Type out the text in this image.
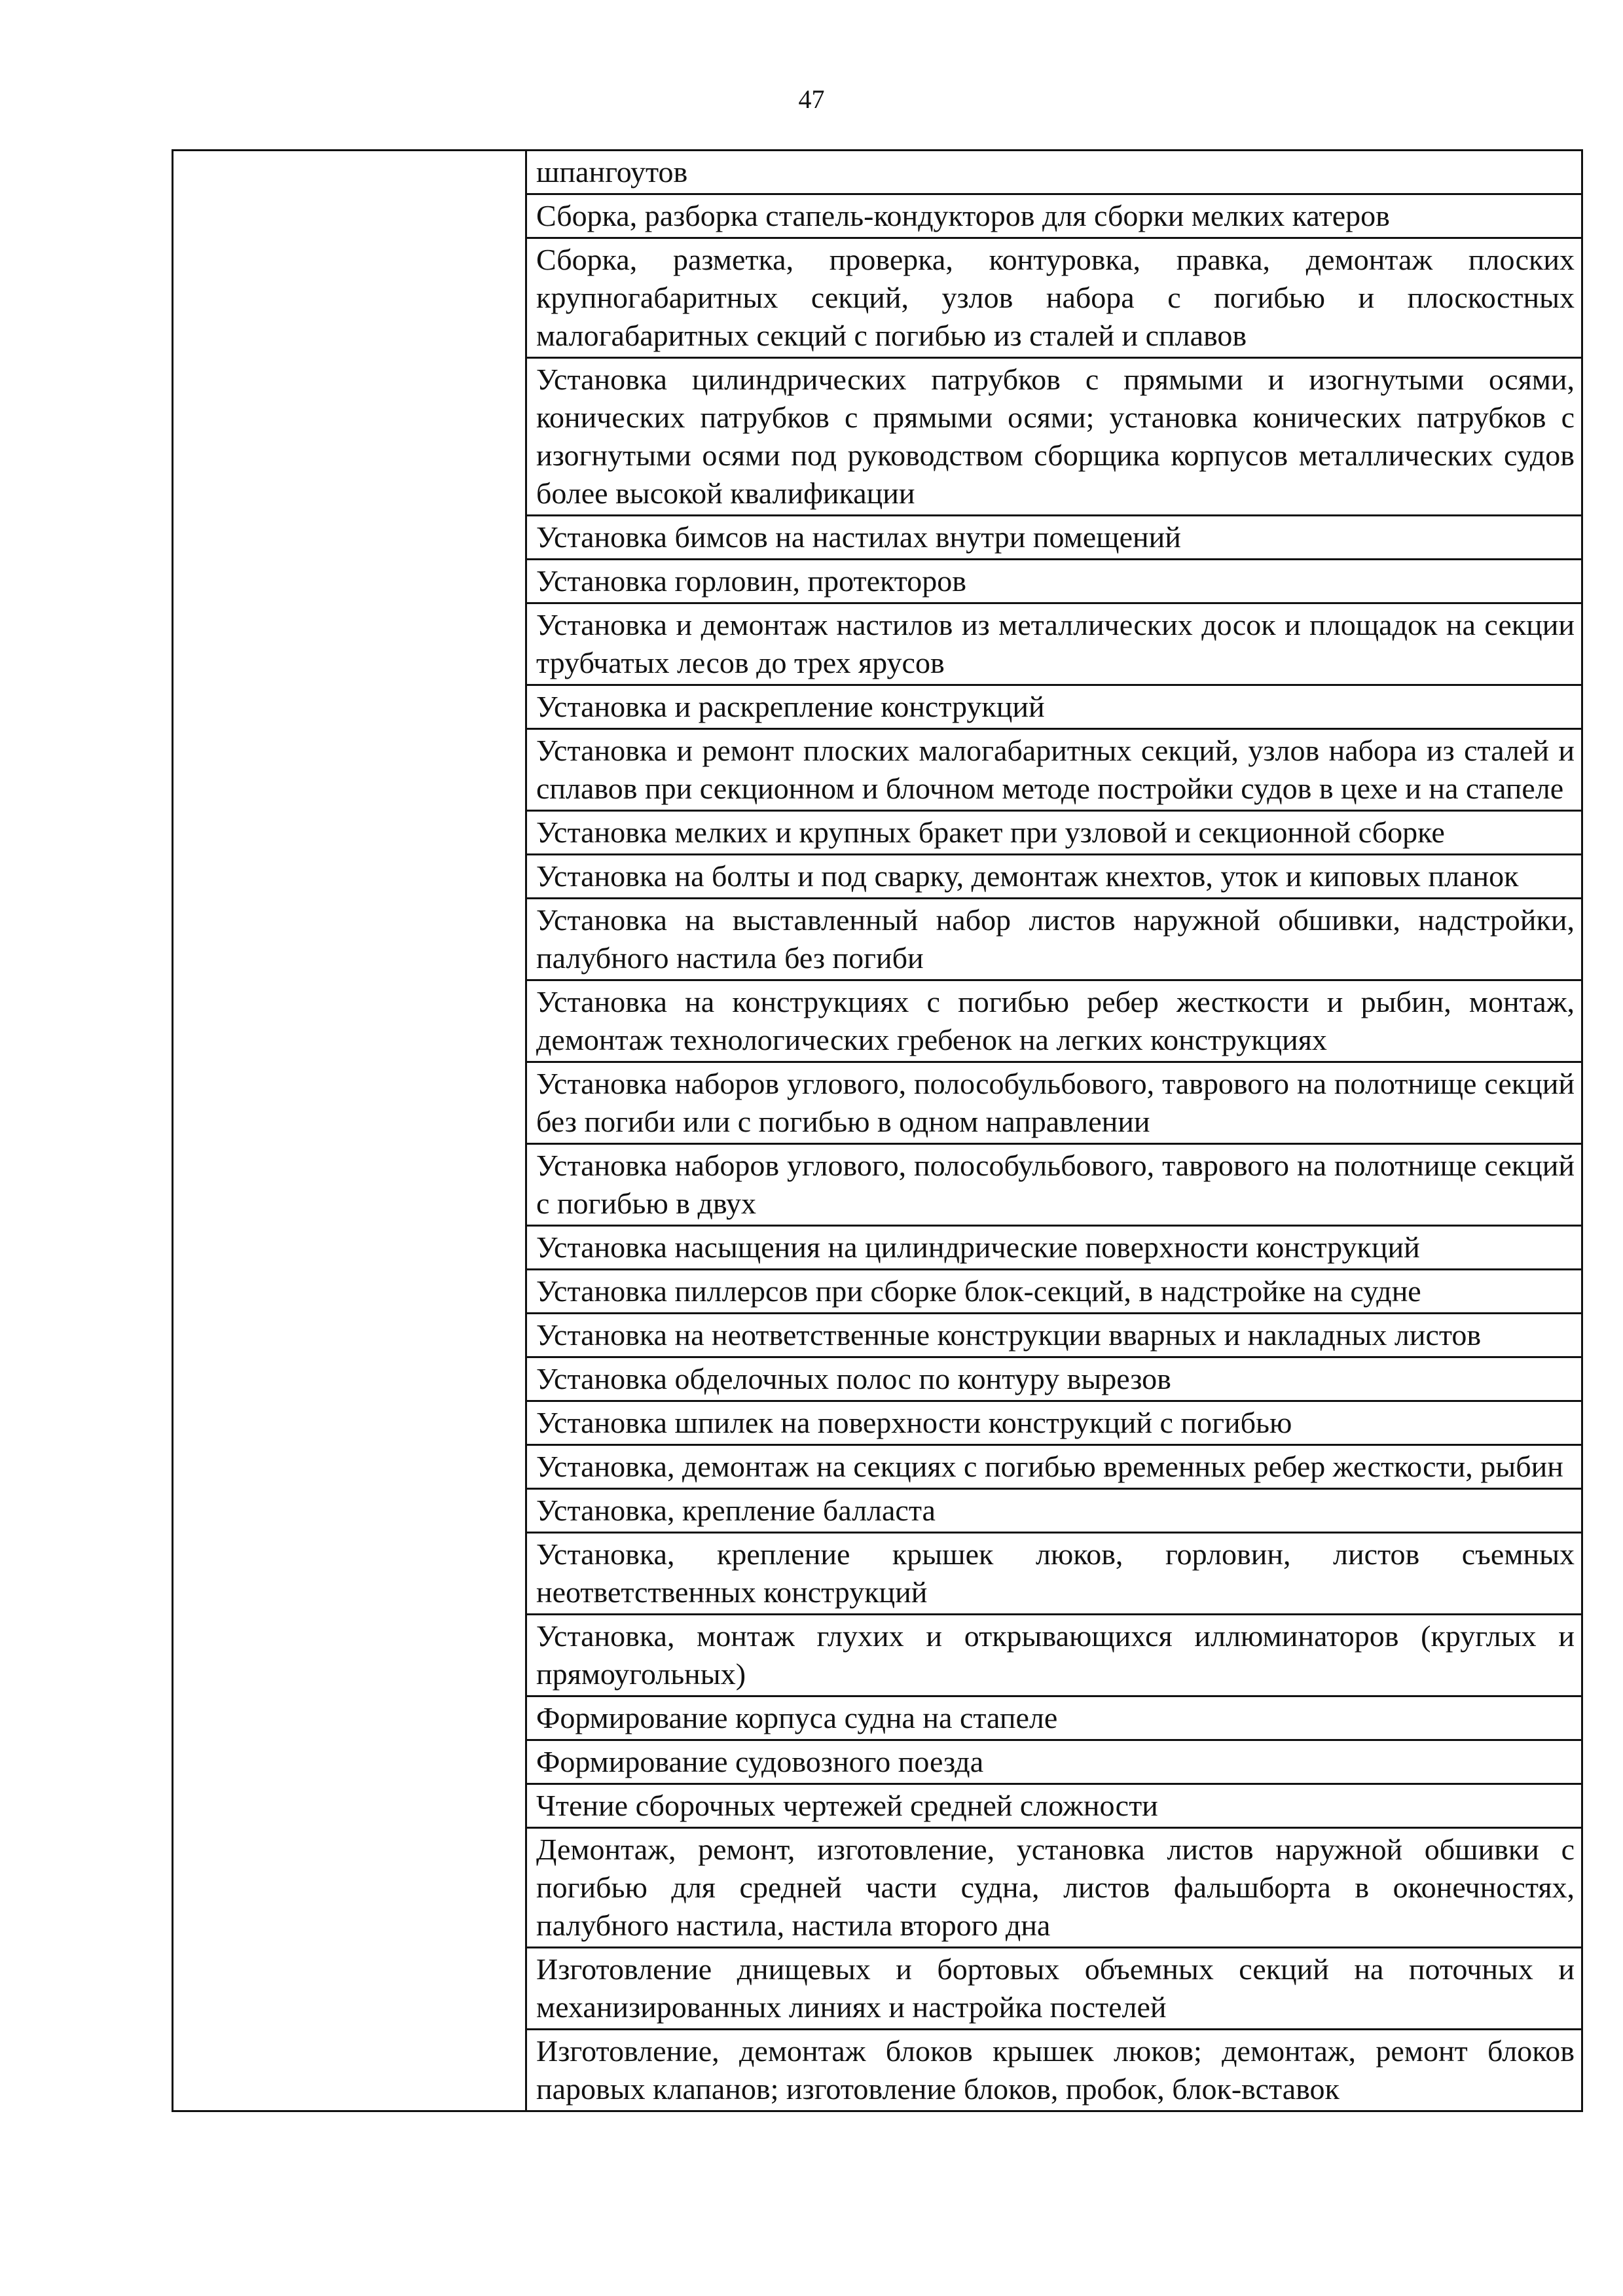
47

шпангоутов

Сборка, разборка стапель-кондукторов для сборки мелких катеров

Сборка, разметка, проверка, контуровка, правка, демонтаж плоских крупногабаритных секций, узлов набора с погибью и плоскостных малогабаритных секций с погибью из сталей и сплавов

Установка цилиндрических патрубков с прямыми и изогнутыми осями, конических патрубков с прямыми осями; установка конических патрубков с изогнутыми осями под руководством сборщика корпусов металлических судов более высокой квалификации

Установка бимсов на настилах внутри помещений

Установка горловин, протекторов

Установка и демонтаж настилов из металлических досок и площадок на секции трубчатых лесов до трех ярусов

Установка и раскрепление конструкций

Установка и ремонт плоских малогабаритных секций, узлов набора из сталей и сплавов при секционном и блочном методе постройки судов в цехе и на стапеле

Установка мелких и крупных бракет при узловой и секционной сборке

Установка на болты и под сварку, демонтаж кнехтов, уток и киповых планок

Установка на выставленный набор листов наружной обшивки, надстройки, палубного настила без погиби

Установка на конструкциях с погибью ребер жесткости и рыбин, монтаж, демонтаж технологических гребенок на легких конструкциях

Установка наборов углового, полособульбового, таврового на полотнище секций без погиби или с погибью в одном направлении

Установка наборов углового, полособульбового, таврового на полотнище секций с погибью в двух

Установка насыщения на цилиндрические поверхности конструкций

Установка пиллерсов при сборке блок-секций, в надстройке на судне

Установка на неответственные конструкции вварных и накладных листов

Установка обделочных полос по контуру вырезов

Установка шпилек на поверхности конструкций с погибью

Установка, демонтаж на секциях с погибью временных ребер жесткости, рыбин

Установка, крепление балласта

Установка, крепление крышек люков, горловин, листов съемных неответственных конструкций

Установка, монтаж глухих и открывающихся иллюминаторов (круглых и прямоугольных)

Формирование корпуса судна на стапеле

Формирование судовозного поезда

Чтение сборочных чертежей средней сложности

Демонтаж, ремонт, изготовление, установка листов наружной обшивки с погибью для средней части судна, листов фальшборта в оконечностях, палубного настила, настила второго дна

Изготовление днищевых и бортовых объемных секций на поточных и механизированных линиях и настройка постелей

Изготовление, демонтаж блоков крышек люков; демонтаж, ремонт блоков паровых клапанов; изготовление блоков, пробок, блок-вставок
